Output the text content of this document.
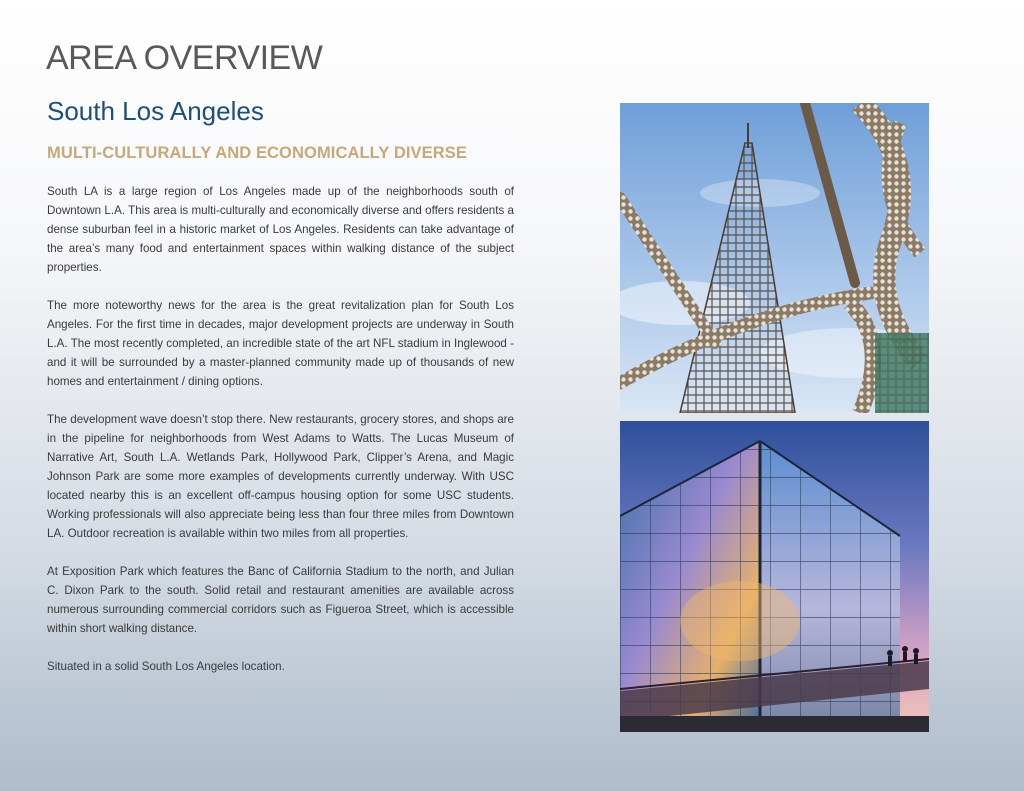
AREA OVERVIEW
South Los Angeles
MULTI-CULTURALLY AND ECONOMICALLY DIVERSE

South LA is a large region of Los Angeles made up of the neighborhoods south of Downtown L.A. This area is multi-culturally and economically diverse and offers residents a dense suburban feel in a historic market of Los Angeles. Residents can take advantage of the area’s many food and entertainment spaces within walking distance of the subject properties.

The more noteworthy news for the area is the great revitalization plan for South Los Angeles. For the first time in decades, major development projects are underway in South L.A. The most recently completed, an incredible state of the art NFL stadium in Inglewood - and it will be surrounded by a master-planned community made up of thousands of new homes and entertainment / dining options.

The development wave doesn’t stop there. New restaurants, grocery stores, and shops are in the pipeline for neighborhoods from West Adams to Watts. The Lucas Museum of Narrative Art, South L.A. Wetlands Park, Hollywood Park, Clipper’s Arena, and Magic Johnson Park are some more examples of developments currently underway. With USC located nearby this is an excellent off-campus housing option for some USC students. Working professionals will also appreciate being less than four three miles from Downtown LA. Outdoor recreation is available within two miles from all properties.

At Exposition Park which features the Banc of California Stadium to the north, and Julian C. Dixon Park to the south. Solid retail and restaurant amenities are available across numerous surrounding commercial corridors such as Figueroa Street, which is accessible within short walking distance.

Situated in a solid South Los Angeles location.
